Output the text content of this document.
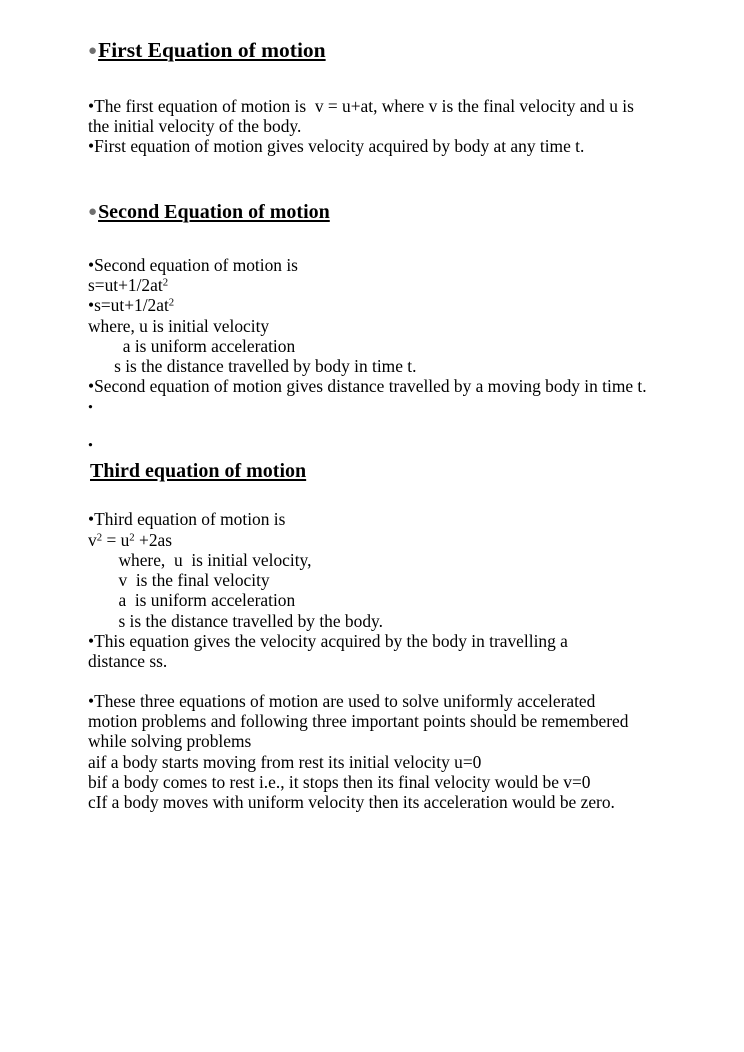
●First Equation of motion
•The first equation of motion is  v = u+at, where v is the final velocity and u is
the initial velocity of the body.
•First equation of motion gives velocity acquired by body at any time t.
●Second Equation of motion
•Second equation of motion is
$s=ut+1/2at^2$
$•s=ut+1/2at^2$
where, u is initial velocity
a is uniform acceleration
s is the distance travelled by body in time t.
•Second equation of motion gives distance travelled by a moving body in time t.
•
•
Third equation of motion
•Third equation of motion is
$v^2 = u^2 +2as$
where,  u  is initial velocity,
v  is the final velocity
a  is uniform acceleration
s is the distance travelled by the body.
•This equation gives the velocity acquired by the body in travelling a
distance ss.
•These three equations of motion are used to solve uniformly accelerated
motion problems and following three important points should be remembered
while solving problems
aif a body starts moving from rest its initial velocity u=0
bif a body comes to rest i.e., it stops then its final velocity would be v=0
cIf a body moves with uniform velocity then its acceleration would be zero.
